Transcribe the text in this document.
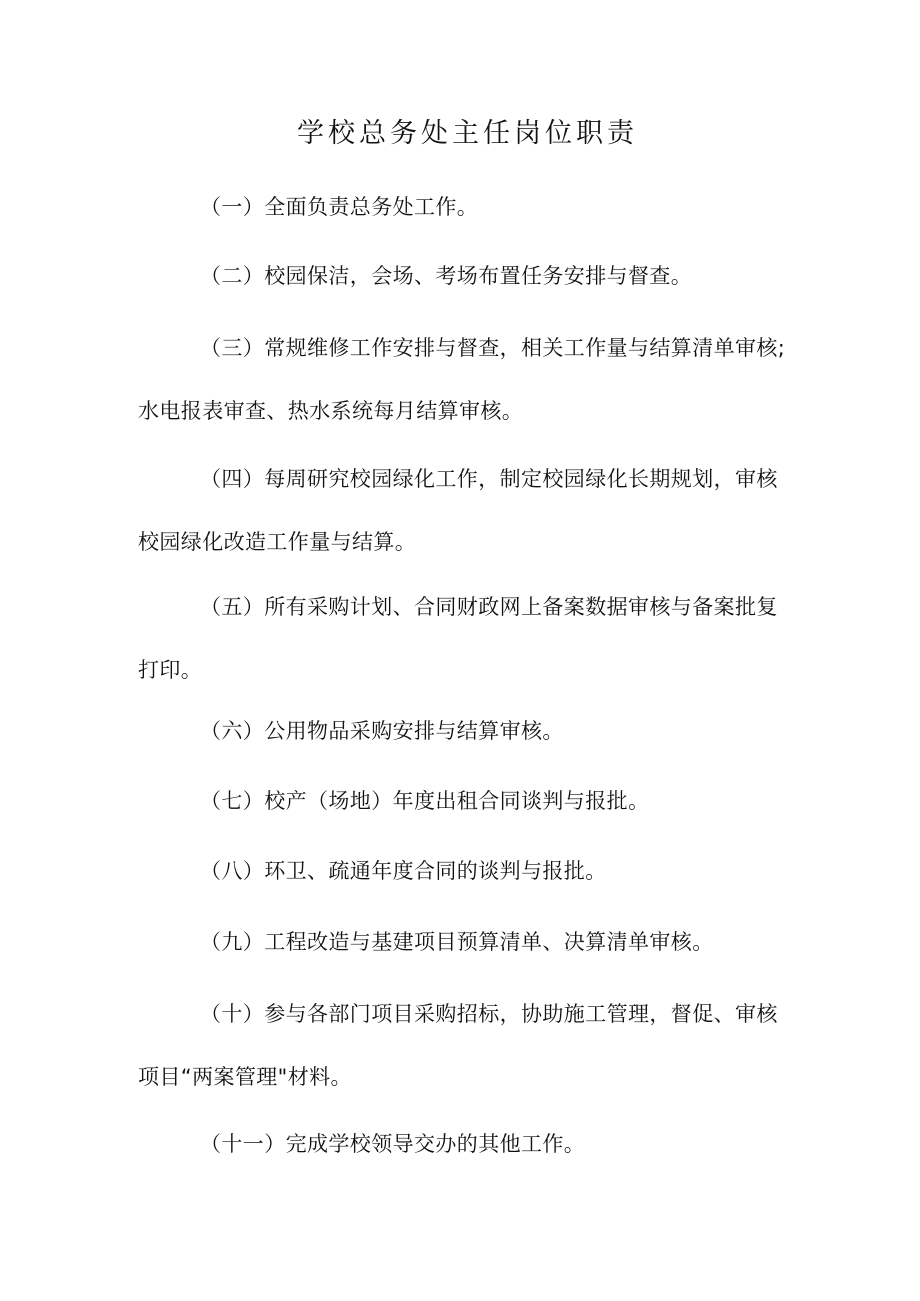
学校总务处主任岗位职责
（一）全面负责总务处工作。
（二）校园保洁，会场、考场布置任务安排与督查。
（三）常规维修工作安排与督查，相关工作量与结算清单审核;水电报表审查、热水系统每月结算审核。
（四）每周研究校园绿化工作，制定校园绿化长期规划，审核校园绿化改造工作量与结算。
（五）所有采购计划、合同财政网上备案数据审核与备案批复打印。
（六）公用物品采购安排与结算审核。
（七）校产（场地）年度出租合同谈判与报批。
（八）环卫、疏通年度合同的谈判与报批。
（九）工程改造与基建项目预算清单、决算清单审核。
（十）参与各部门项目采购招标，协助施工管理，督促、审核项目“两案管理"材料。
（十一）完成学校领导交办的其他工作。
